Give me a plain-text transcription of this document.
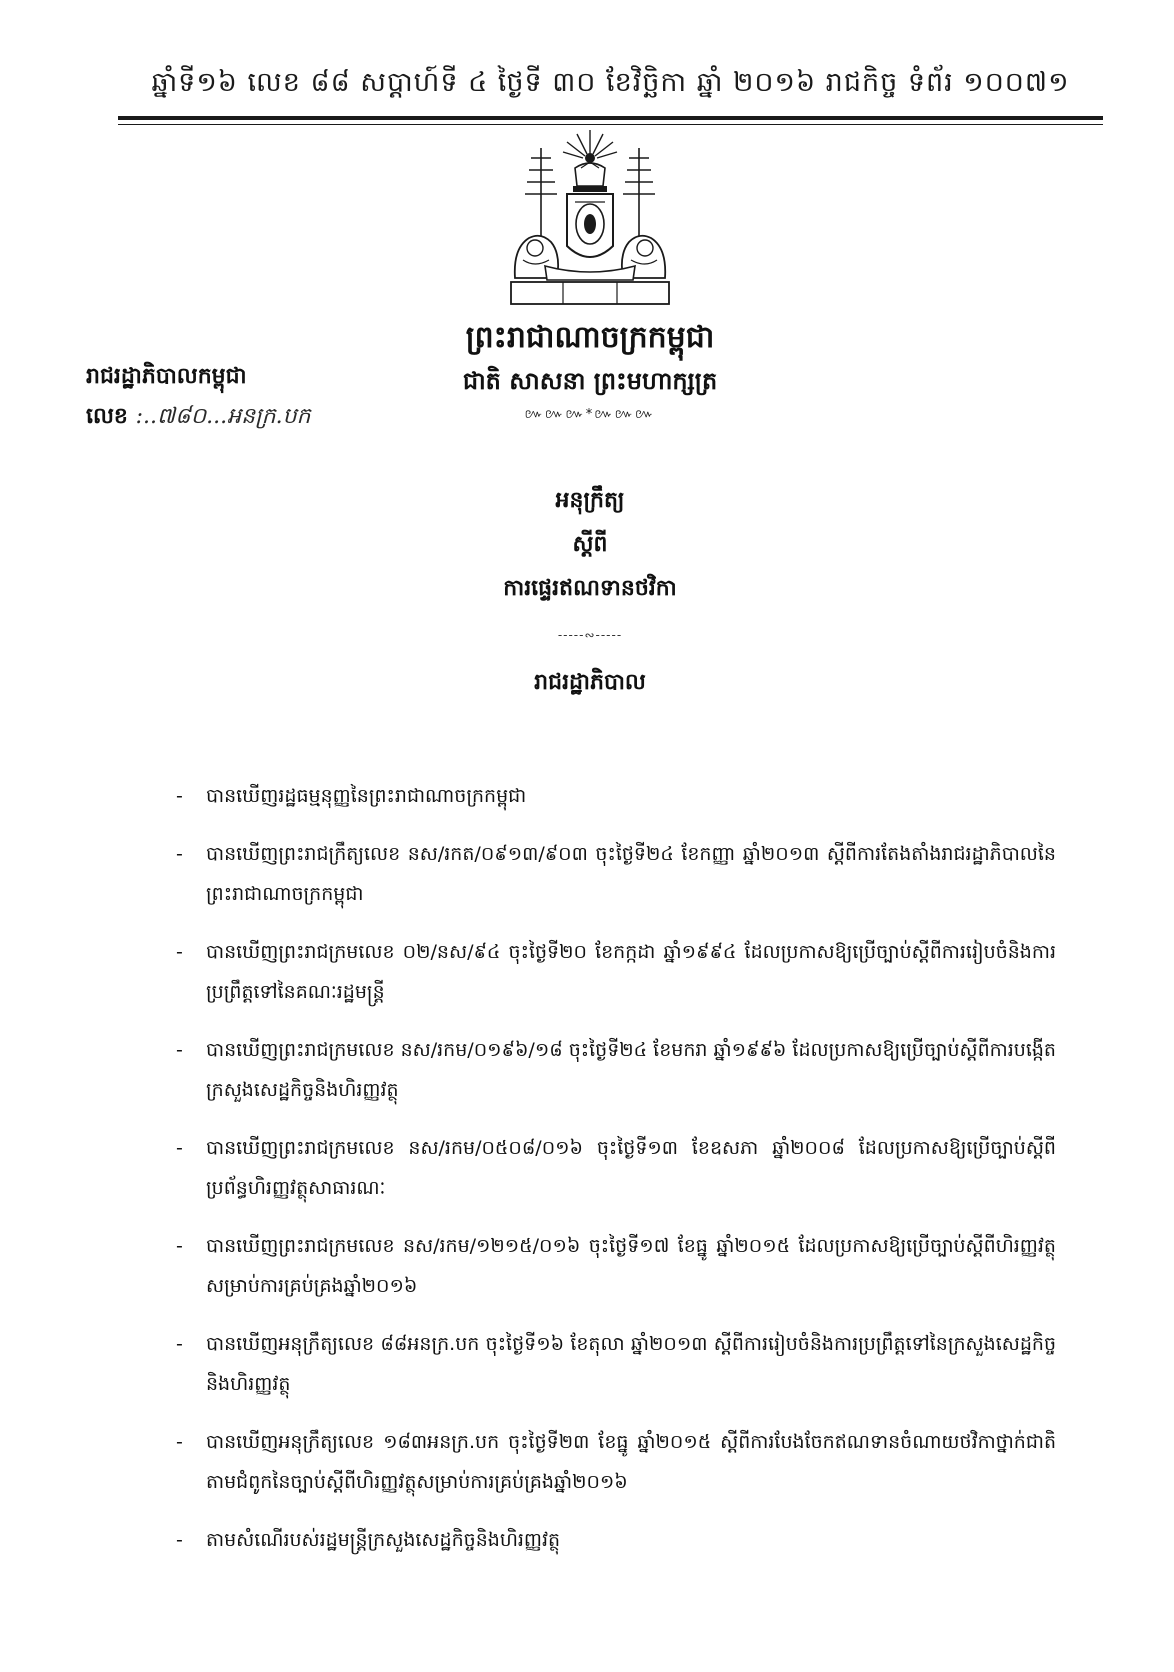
ឆ្នាំទី១៦ លេខ ៨៨ សប្តាហ៍ទី ៤ ថ្ងៃទី ៣០ ខែវិច្ឆិកា ឆ្នាំ ២០១៦ រាជកិច្ច ទំព័រ ១០០៧១
ព្រះរាជាណាចក្រកម្ពុជា
ជាតិ សាសនា ព្រះមហាក្សត្រ
៚៚៚*៚៚៚
រាជរដ្ឋាភិបាលកម្ពុជា
លេខ :..៧៨០...អនក្រ.បក
អនុក្រឹត្យ
ស្តីពី
ការផ្ទេរឥណទានថវិកា
-----∾-----
រាជរដ្ឋាភិបាល
- បានឃើញរដ្ឋធម្មនុញ្ញនៃព្រះរាជាណាចក្រកម្ពុជា
- បានឃើញព្រះរាជក្រឹត្យលេខ នស/រកត/០៩១៣/៩០៣ ចុះថ្ងៃទី២៤ ខែកញ្ញា ឆ្នាំ២០១៣ ស្តីពីការតែងតាំងរាជរដ្ឋាភិបាលនៃព្រះរាជាណាចក្រកម្ពុជា
- បានឃើញព្រះរាជក្រមលេខ ០២/នស/៩៤ ចុះថ្ងៃទី២០ ខែកក្កដា ឆ្នាំ១៩៩៤ ដែលប្រកាសឱ្យប្រើច្បាប់ស្តីពីការរៀបចំនិងការប្រព្រឹត្តទៅនៃគណៈរដ្ឋមន្ត្រី
- បានឃើញព្រះរាជក្រមលេខ នស/រកម/០១៩៦/១៨ ចុះថ្ងៃទី២៤ ខែមករា ឆ្នាំ១៩៩៦ ដែលប្រកាសឱ្យប្រើច្បាប់ស្តីពីការបង្កើតក្រសួងសេដ្ឋកិច្ចនិងហិរញ្ញវត្ថុ
- បានឃើញព្រះរាជក្រមលេខ នស/រកម/០៥០៨/០១៦ ចុះថ្ងៃទី១៣ ខែឧសភា ឆ្នាំ២០០៨ ដែលប្រកាសឱ្យប្រើច្បាប់ស្តីពីប្រព័ន្ធហិរញ្ញវត្ថុសាធារណៈ
- បានឃើញព្រះរាជក្រមលេខ នស/រកម/១២១៥/០១៦ ចុះថ្ងៃទី១៧ ខែធ្នូ ឆ្នាំ២០១៥ ដែលប្រកាសឱ្យប្រើច្បាប់ស្តីពីហិរញ្ញវត្ថុសម្រាប់ការគ្រប់គ្រងឆ្នាំ២០១៦
- បានឃើញអនុក្រឹត្យលេខ ៨៨អនក្រ.បក ចុះថ្ងៃទី១៦ ខែតុលា ឆ្នាំ២០១៣ ស្តីពីការរៀបចំនិងការប្រព្រឹត្តទៅនៃក្រសួងសេដ្ឋកិច្ចនិងហិរញ្ញវត្ថុ
- បានឃើញអនុក្រឹត្យលេខ ១៨៣អនក្រ.បក ចុះថ្ងៃទី២៣ ខែធ្នូ ឆ្នាំ២០១៥ ស្តីពីការបែងចែកឥណទានចំណាយថវិកាថ្នាក់ជាតិតាមជំពូកនៃច្បាប់ស្តីពីហិរញ្ញវត្ថុសម្រាប់ការគ្រប់គ្រងឆ្នាំ២០១៦
- តាមសំណើរបស់រដ្ឋមន្ត្រីក្រសួងសេដ្ឋកិច្ចនិងហិរញ្ញវត្ថុ
